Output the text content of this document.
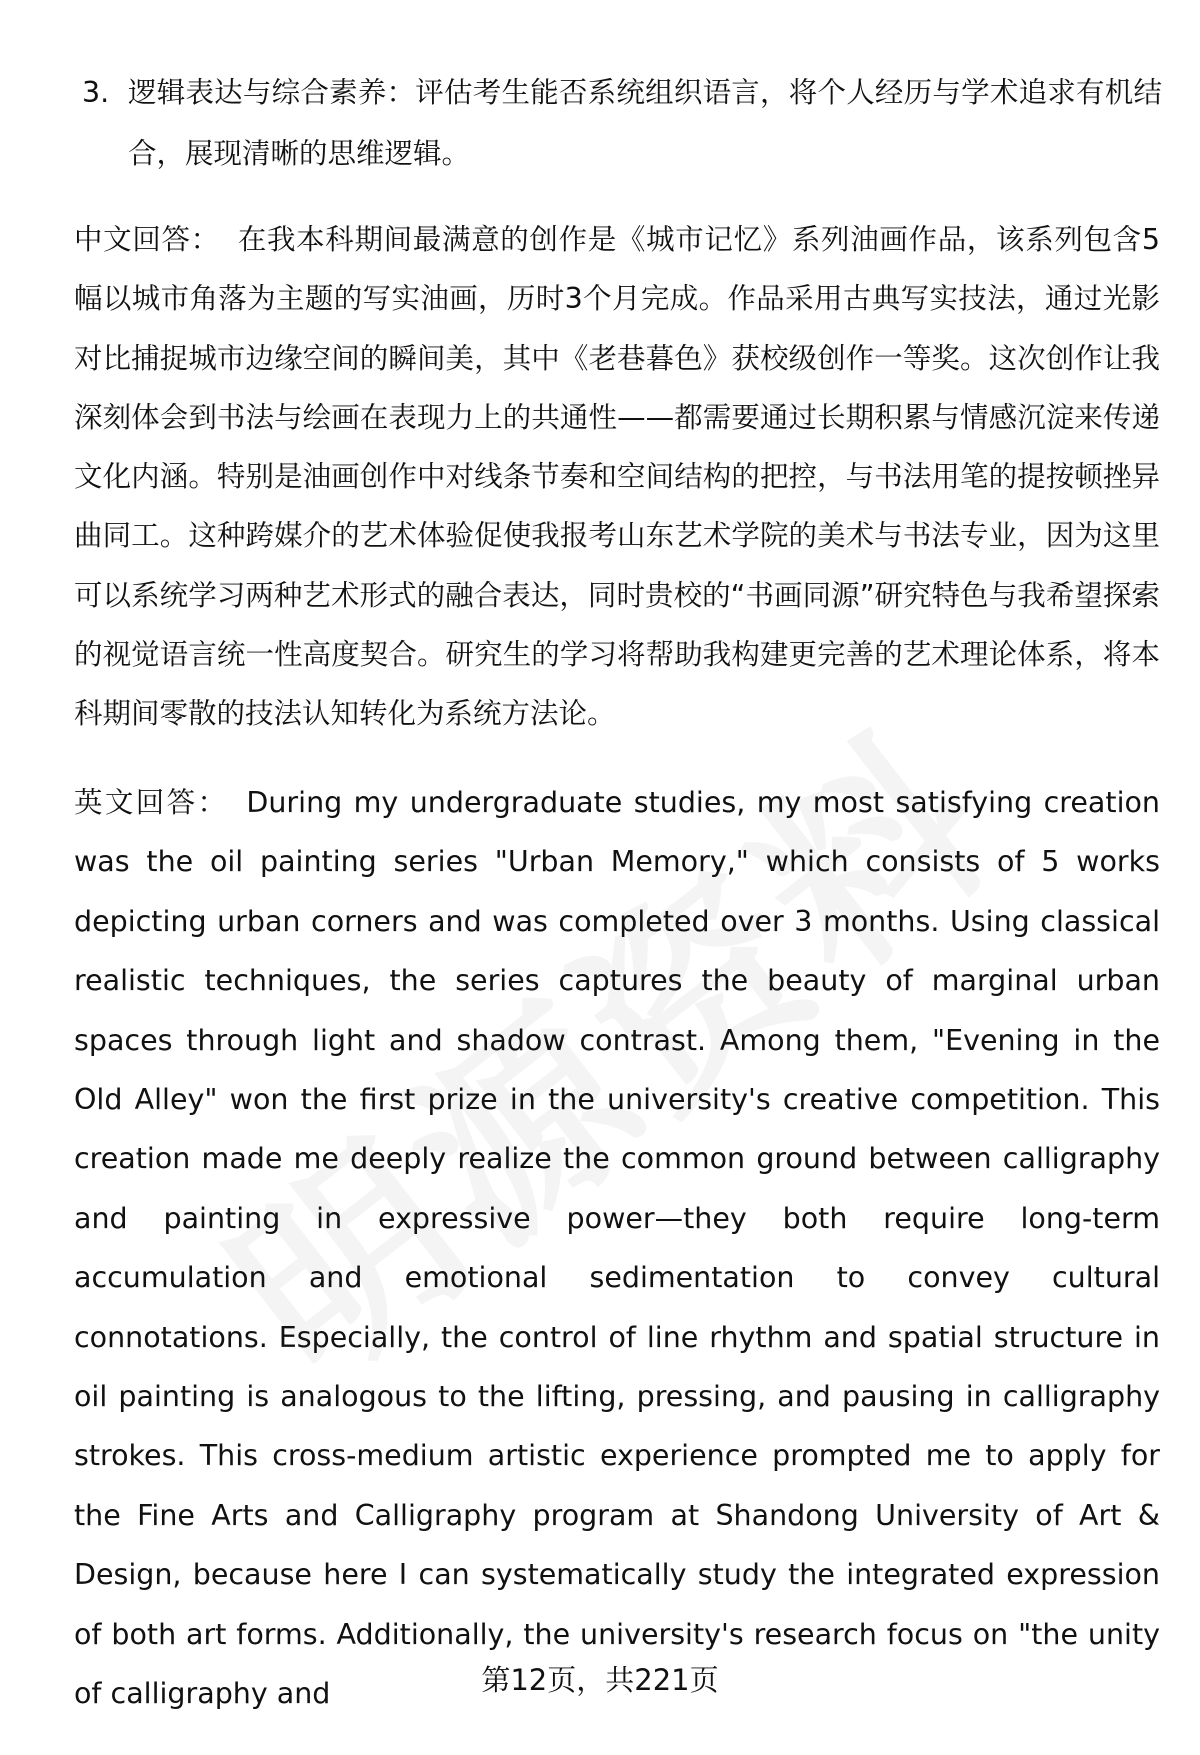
3. 逻辑表达与综合素养：评估考生能否系统组织语言，将个人经历与学术追求有机结合，展现清晰的思维逻辑。

中文回答： 在我本科期间最满意的创作是《城市记忆》系列油画作品，该系列包含5幅以城市角落为主题的写实油画，历时3个月完成。作品采用古典写实技法，通过光影对比捕捉城市边缘空间的瞬间美，其中《老巷暮色》获校级创作一等奖。这次创作让我深刻体会到书法与绘画在表现力上的共通性——都需要通过长期积累与情感沉淀来传递文化内涵。特别是油画创作中对线条节奏和空间结构的把控，与书法用笔的提按顿挫异曲同工。这种跨媒介的艺术体验促使我报考山东艺术学院的美术与书法专业，因为这里可以系统学习两种艺术形式的融合表达，同时贵校的“书画同源”研究特色与我希望探索的视觉语言统一性高度契合。研究生的学习将帮助我构建更完善的艺术理论体系，将本科期间零散的技法认知转化为系统方法论。

英文回答： During my undergraduate studies, my most satisfying creation was the oil painting series "Urban Memory," which consists of 5 works depicting urban corners and was completed over 3 months. Using classical realistic techniques, the series captures the beauty of marginal urban spaces through light and shadow contrast. Among them, "Evening in the Old Alley" won the first prize in the university's creative competition. This creation made me deeply realize the common ground between calligraphy and painting in expressive power—they both require long-term accumulation and emotional sedimentation to convey cultural connotations. Especially, the control of line rhythm and spatial structure in oil painting is analogous to the lifting, pressing, and pausing in calligraphy strokes. This cross-medium artistic experience prompted me to apply for the Fine Arts and Calligraphy program at Shandong University of Art & Design, because here I can systematically study the integrated expression of both art forms. Additionally, the university's research focus on "the unity of calligraphy and	第12页，共221页
